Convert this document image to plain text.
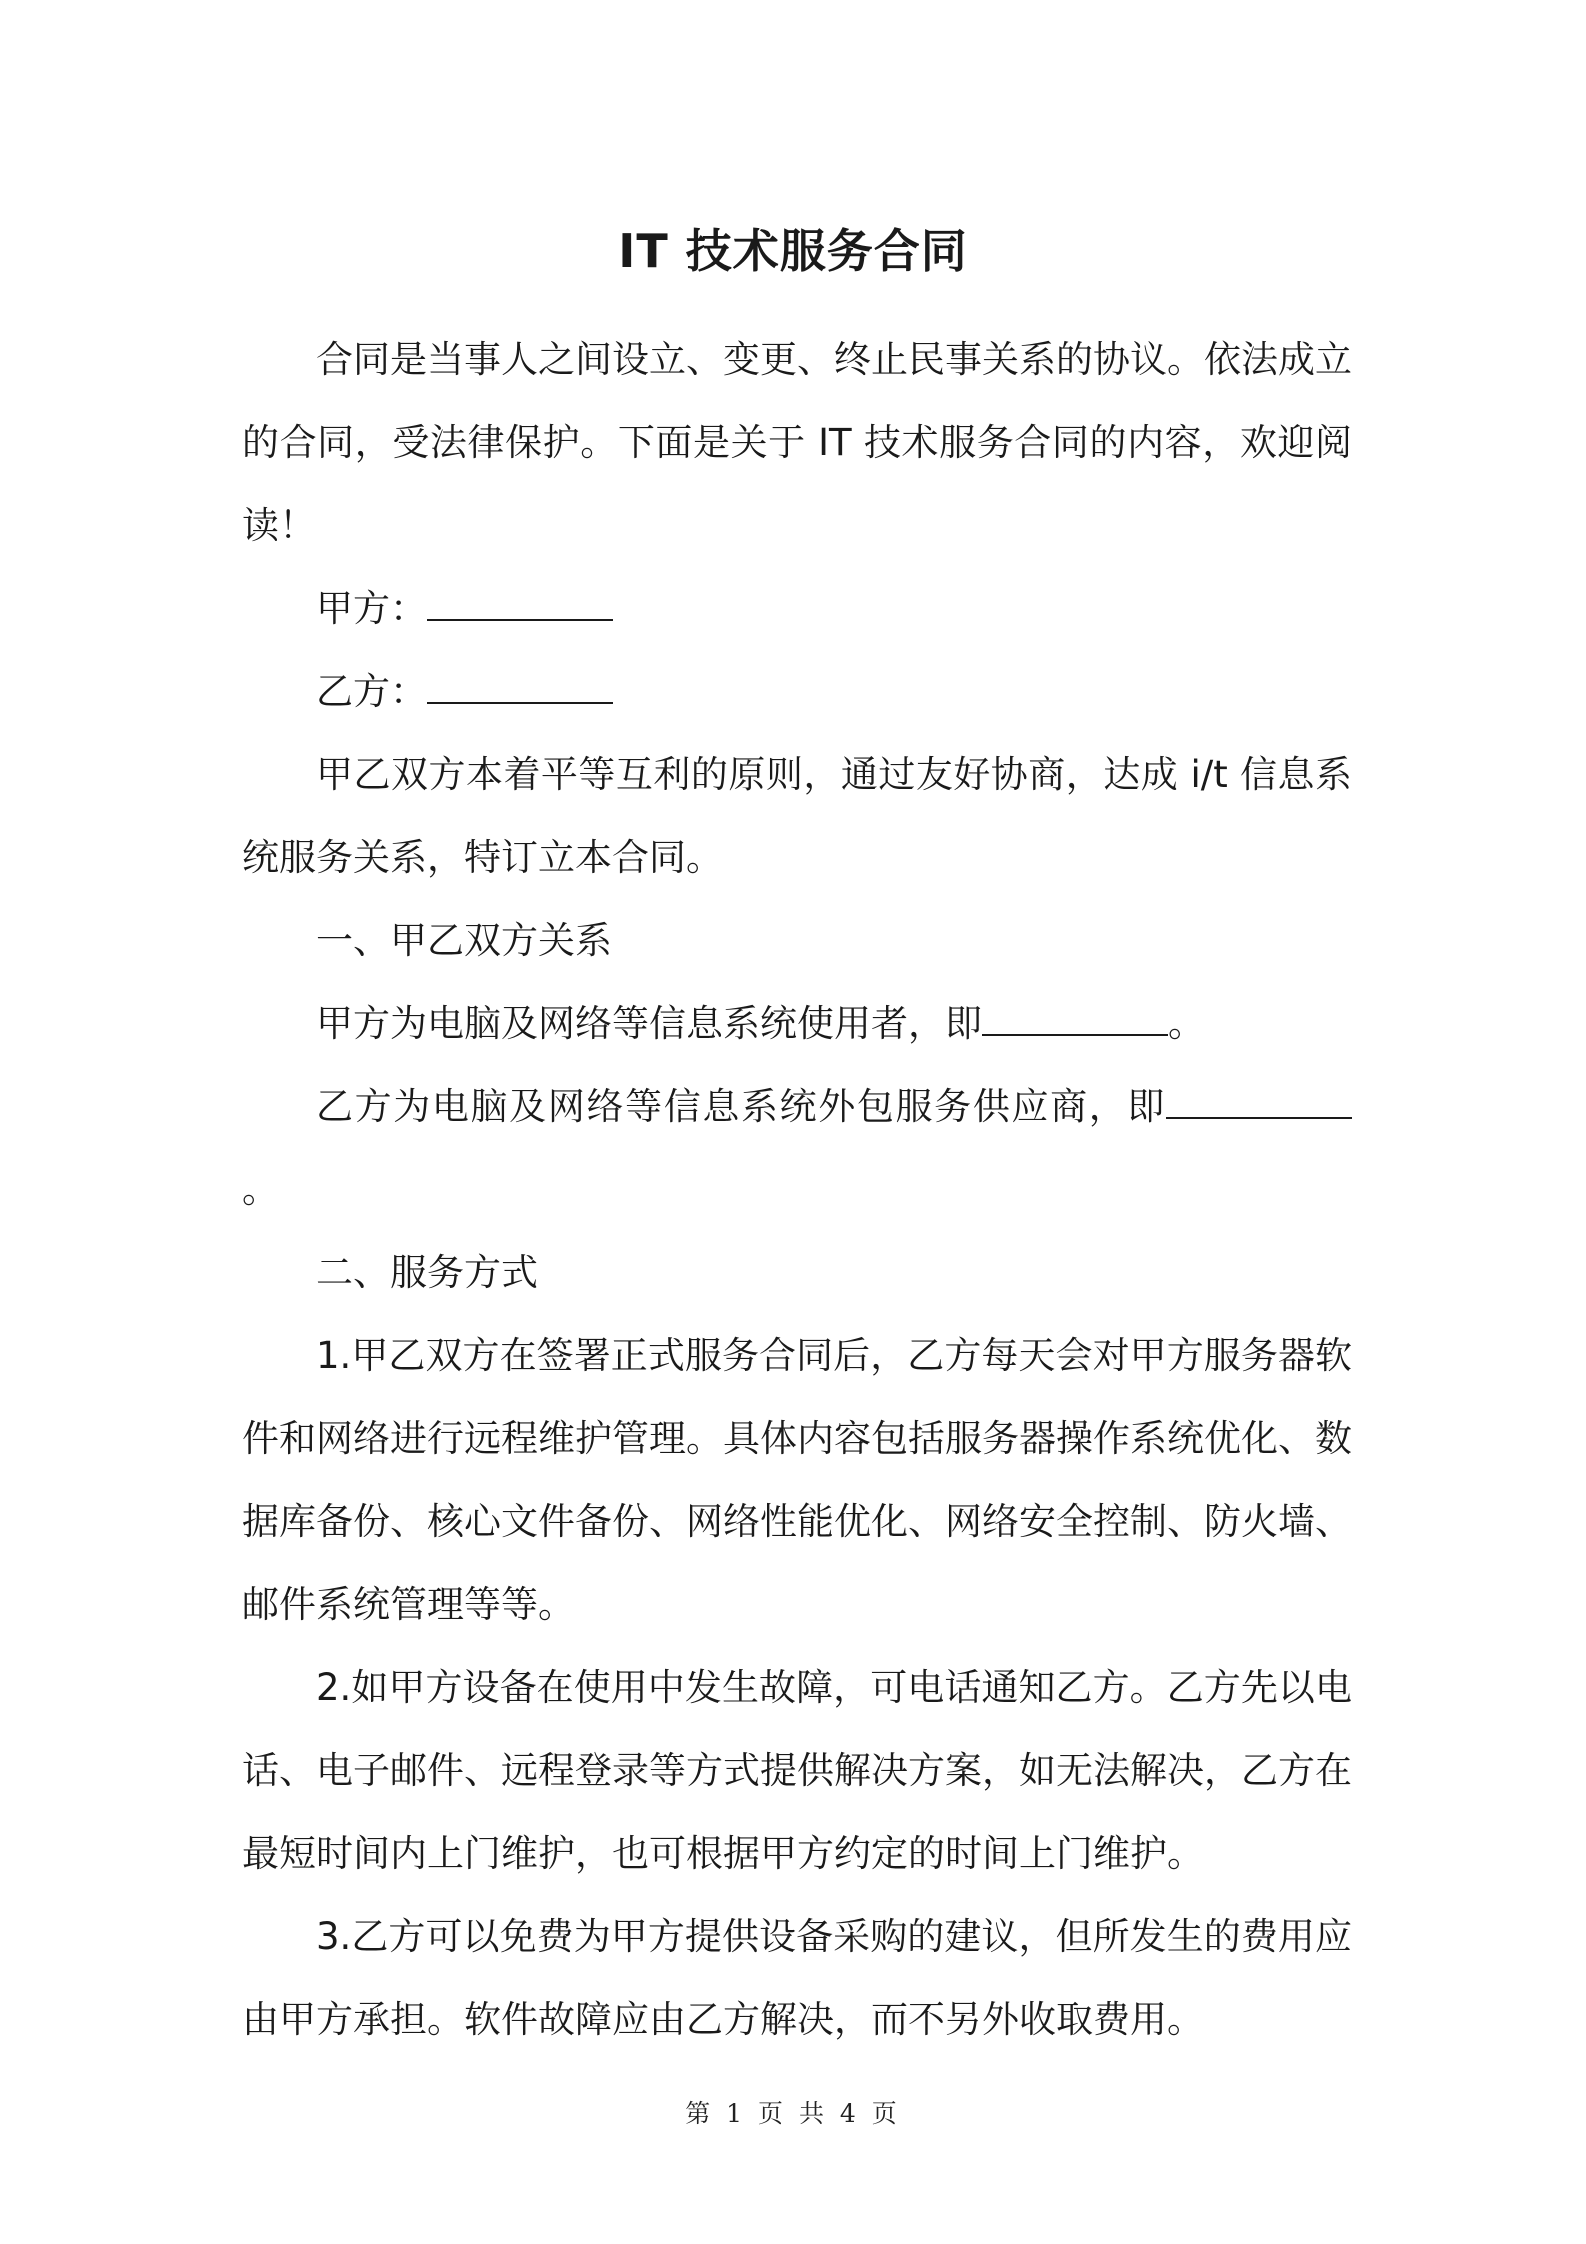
IT 技术服务合同

合同是当事人之间设立、变更、终止民事关系的协议。依法成立的合同，受法律保护。下面是关于 IT 技术服务合同的内容，欢迎阅读！

甲方：

乙方：

甲乙双方本着平等互利的原则，通过友好协商，达成 i/t 信息系统服务关系，特订立本合同。

一、甲乙双方关系

甲方为电脑及网络等信息系统使用者，即	。

乙方为电脑及网络等信息系统外包服务供应商，即。

二、服务方式

1.甲乙双方在签署正式服务合同后，乙方每天会对甲方服务器软件和网络进行远程维护管理。具体内容包括服务器操作系统优化、数据库备份、核心文件备份、网络性能优化、网络安全控制、防火墙、邮件系统管理等等。

2.如甲方设备在使用中发生故障，可电话通知乙方。乙方先以电话、电子邮件、远程登录等方式提供解决方案，如无法解决，乙方在最短时间内上门维护，也可根据甲方约定的时间上门维护。

3.乙方可以免费为甲方提供设备采购的建议，但所发生的费用应由甲方承担。软件故障应由乙方解决，而不另外收取费用。

第 1 页 共 4 页
